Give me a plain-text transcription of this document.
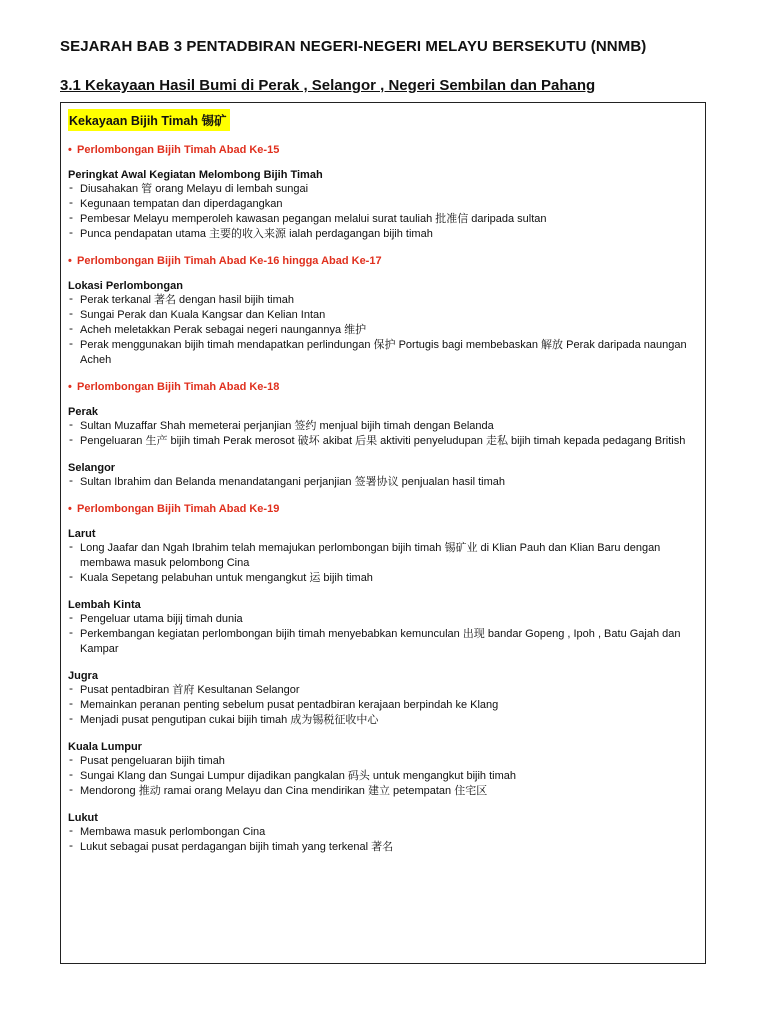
SEJARAH BAB 3 PENTADBIRAN NEGERI-NEGERI MELAYU BERSEKUTU (NNMB)
3.1 Kekayaan Hasil Bumi di Perak , Selangor , Negeri Sembilan dan Pahang
Kekayaan Bijih Timah 锡矿
• Perlombongan Bijih Timah Abad Ke-15
Peringkat Awal Kegiatan Melombong Bijih Timah
- Diusahakan 管 orang Melayu di lembah sungai
- Kegunaan tempatan dan diperdagangkan
- Pembesar Melayu memperoleh kawasan pegangan melalui surat tauliah 批准信 daripada sultan
- Punca pendapatan utama 主要的收入来源 ialah perdagangan bijih timah
• Perlombongan Bijih Timah Abad Ke-16 hingga Abad Ke-17
Lokasi Perlombongan
- Perak terkanal 著名 dengan hasil bijih timah
- Sungai Perak dan Kuala Kangsar dan Kelian Intan
- Acheh meletakkan Perak sebagai negeri naungannya 维护
- Perak menggunakan bijih timah mendapatkan perlindungan 保护 Portugis bagi membebaskan 解放 Perak daripada naungan Acheh
• Perlombongan Bijih Timah Abad Ke-18
Perak
- Sultan Muzaffar Shah memeterai perjanjian 签约 menjual bijih timah dengan Belanda
- Pengeluaran 生产 bijih timah Perak merosot 破坏 akibat 后果 aktiviti penyeludupan 走私 bijih timah kepada pedagang British
Selangor
- Sultan Ibrahim dan Belanda menandatangani perjanjian 签署协议 penjualan hasil timah
• Perlombongan Bijih Timah Abad Ke-19
Larut
- Long Jaafar dan Ngah Ibrahim telah memajukan perlombongan bijih timah 锡矿业 di Klian Pauh dan Klian Baru dengan membawa masuk pelombong Cina
- Kuala Sepetang pelabuhan untuk mengangkut 运 bijih timah
Lembah Kinta
- Pengeluar utama bijij timah dunia
- Perkembangan kegiatan perlombongan bijih timah menyebabkan kemunculan 出现 bandar Gopeng , Ipoh , Batu Gajah dan Kampar
Jugra
- Pusat pentadbiran 首府 Kesultanan Selangor
- Memainkan peranan penting sebelum pusat pentadbiran kerajaan berpindah ke Klang
- Menjadi pusat pengutipan cukai bijih timah 成为锡税征收中心
Kuala Lumpur
- Pusat pengeluaran bijih timah
- Sungai Klang dan Sungai Lumpur dijadikan pangkalan 码头 untuk mengangkut bijih timah
- Mendorong 推动 ramai orang Melayu dan Cina mendirikan 建立 petempatan 住宅区
Lukut
- Membawa masuk perlombongan Cina
- Lukut sebagai pusat perdagangan bijih timah yang terkenal 著名
